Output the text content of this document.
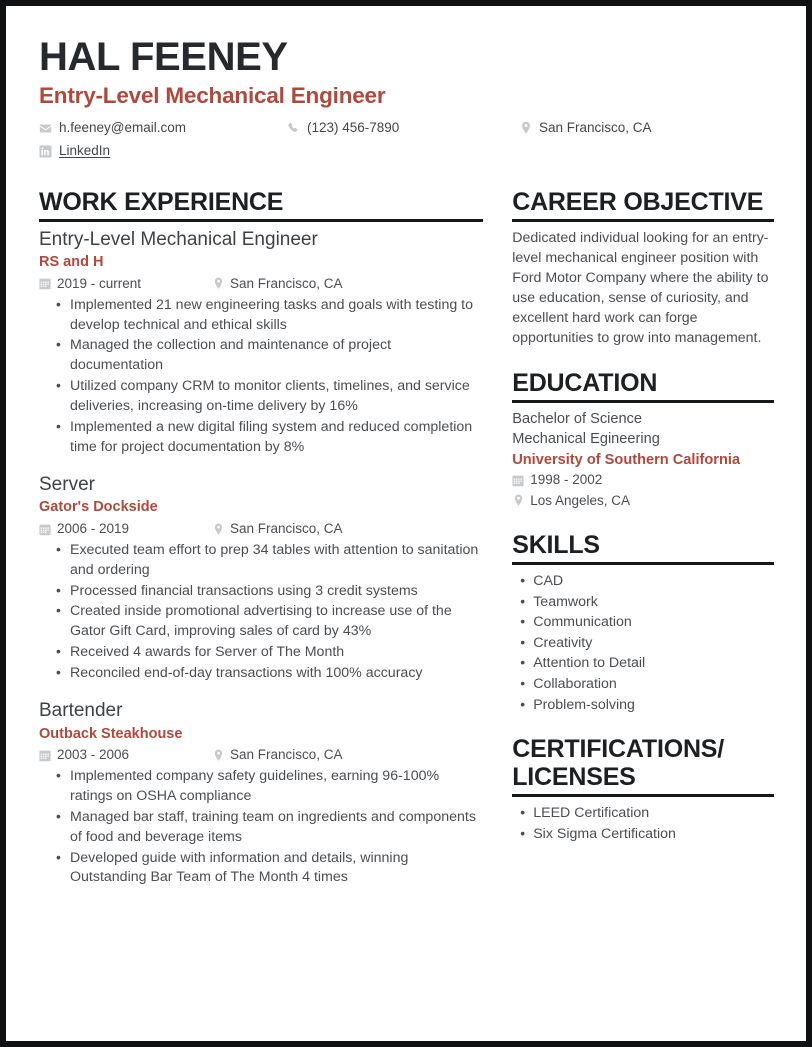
HAL FEENEY
Entry-Level Mechanical Engineer
h.feeney@email.com	(123) 456-7890	San Francisco, CA
LinkedIn
WORK EXPERIENCE
Entry-Level Mechanical Engineer
RS and H
2019 - current	San Francisco, CA
• Implemented 21 new engineering tasks and goals with testing to develop technical and ethical skills
• Managed the collection and maintenance of project documentation
• Utilized company CRM to monitor clients, timelines, and service deliveries, increasing on-time delivery by 16%
• Implemented a new digital filing system and reduced completion time for project documentation by 8%
Server
Gator's Dockside
2006 - 2019	San Francisco, CA
• Executed team effort to prep 34 tables with attention to sanitation and ordering
• Processed financial transactions using 3 credit systems
• Created inside promotional advertising to increase use of the Gator Gift Card, improving sales of card by 43%
• Received 4 awards for Server of The Month
• Reconciled end-of-day transactions with 100% accuracy
Bartender
Outback Steakhouse
2003 - 2006	San Francisco, CA
• Implemented company safety guidelines, earning 96-100% ratings on OSHA compliance
• Managed bar staff, training team on ingredients and components of food and beverage items
• Developed guide with information and details, winning Outstanding Bar Team of The Month 4 times
CAREER OBJECTIVE

Dedicated individual looking for an entry-level mechanical engineer position with Ford Motor Company where the ability to use education, sense of curiosity, and excellent hard work can forge opportunities to grow into management.

EDUCATION
Bachelor of Science
Mechanical Egineering
University of Southern California
1998 - 2002
Los Angeles, CA
SKILLS
• CAD
• Teamwork
• Communication
• Creativity
• Attention to Detail
• Collaboration
• Problem-solving
CERTIFICATIONS/ LICENSES
• LEED Certification
• Six Sigma Certification
